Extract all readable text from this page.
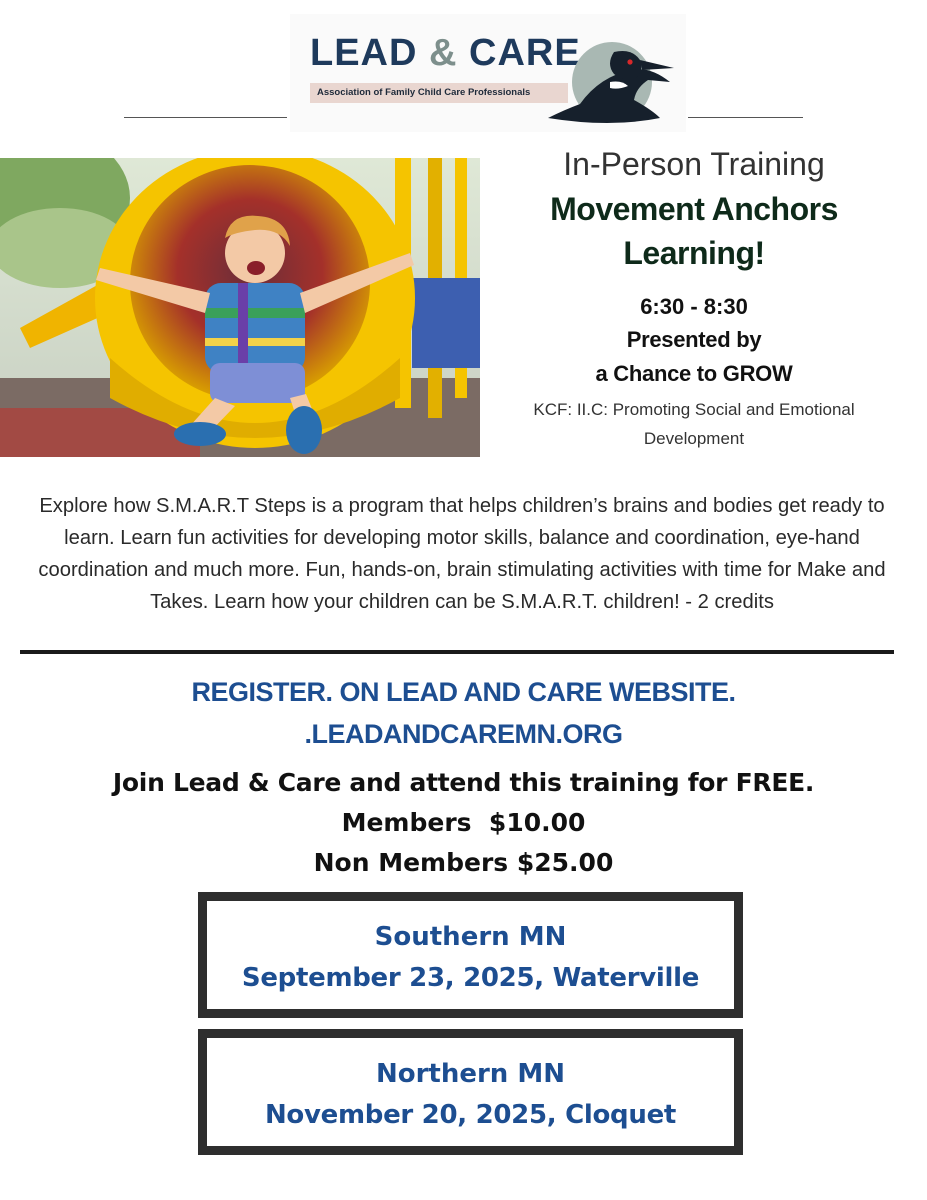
LEAD & CARE
Association of Family Child Care Professionals
In-Person Training
Movement Anchors
Learning!
6:30 - 8:30
Presented by
a Chance to GROW
KCF: II.C: Promoting Social and Emotional Development
Explore how S.M.A.R.T Steps is a program that helps children’s brains and bodies get ready to learn. Learn fun activities for developing motor skills, balance and coordination, eye-hand coordination and much more. Fun, hands-on, brain stimulating activities with time for Make and Takes. Learn how your children can be S.M.A.R.T. children! - 2 credits
REGISTER. ON LEAD AND CARE WEBSITE.
.LEADANDCAREMN.ORG
Join Lead & Care and attend this training for FREE.
Members  $10.00
Non Members $25.00
Southern MN
September 23, 2025, Waterville
Northern MN
November 20, 2025, Cloquet
